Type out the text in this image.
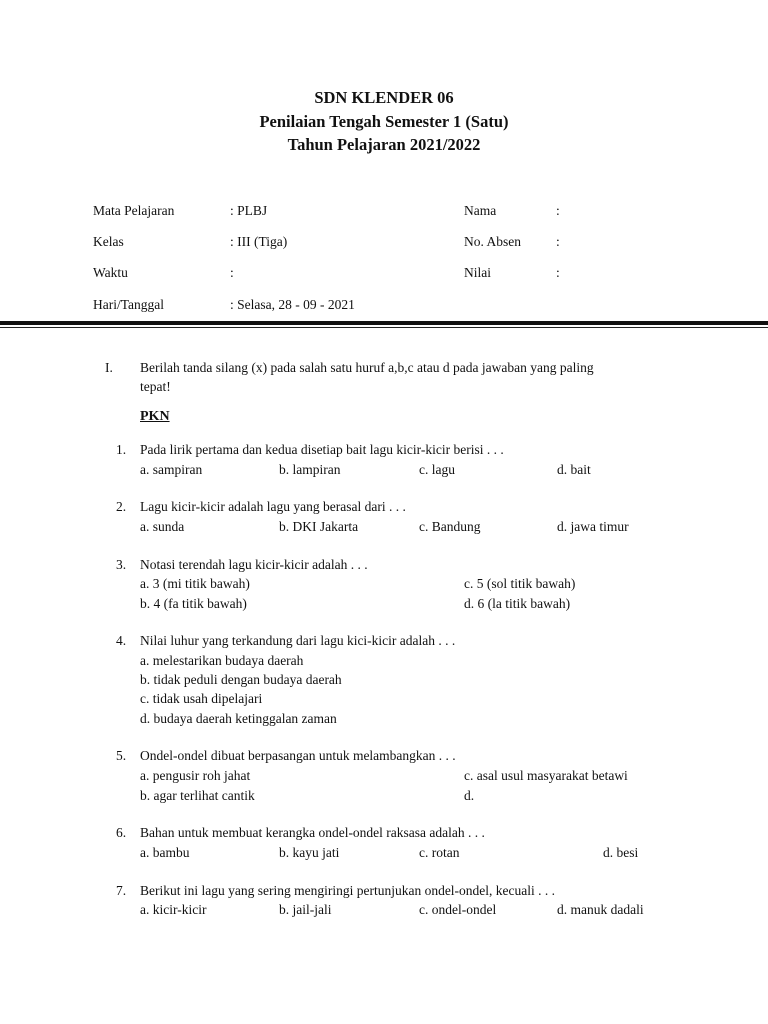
SDN KLENDER 06
Penilaian Tengah Semester 1 (Satu)
Tahun Pelajaran 2021/2022
Mata Pelajaran	: PLBJ
Kelas	: III (Tiga)
Waktu	:
Hari/Tanggal	: Selasa, 28 - 09 - 2021
Nama	:
No. Absen	:
Nilai	:
I. Berilah tanda silang (x) pada salah satu huruf a,b,c atau d pada jawaban yang paling
tepat!
PKN
1. Pada lirik pertama dan kedua disetiap bait lagu kicir-kicir berisi . . .
a. sampiran	b. lampiran	c. lagu	d. bait
2. Lagu kicir-kicir adalah lagu yang berasal dari . . .
a. sunda	b. DKI Jakarta	c. Bandung	d. jawa timur
3. Notasi terendah lagu kicir-kicir adalah . . .
a. 3 (mi titik bawah)	c. 5 (sol titik bawah)
b. 4 (fa titik bawah)	d. 6 (la titik bawah)
4. Nilai luhur yang terkandung dari lagu kici-kicir adalah . . .
a. melestarikan budaya daerah
b. tidak peduli dengan budaya daerah
c. tidak usah dipelajari
d. budaya daerah ketinggalan zaman
5. Ondel-ondel dibuat berpasangan untuk melambangkan . . .
a. pengusir roh jahat	c. asal usul masyarakat betawi
b. agar terlihat cantik	d.
6. Bahan untuk membuat kerangka ondel-ondel raksasa adalah . . .
a. bambu	b. kayu jati	c. rotan	d. besi
7. Berikut ini lagu yang sering mengiringi pertunjukan ondel-ondel, kecuali . . .
a. kicir-kicir	b. jail-jali	c. ondel-ondel	d. manuk dadali
